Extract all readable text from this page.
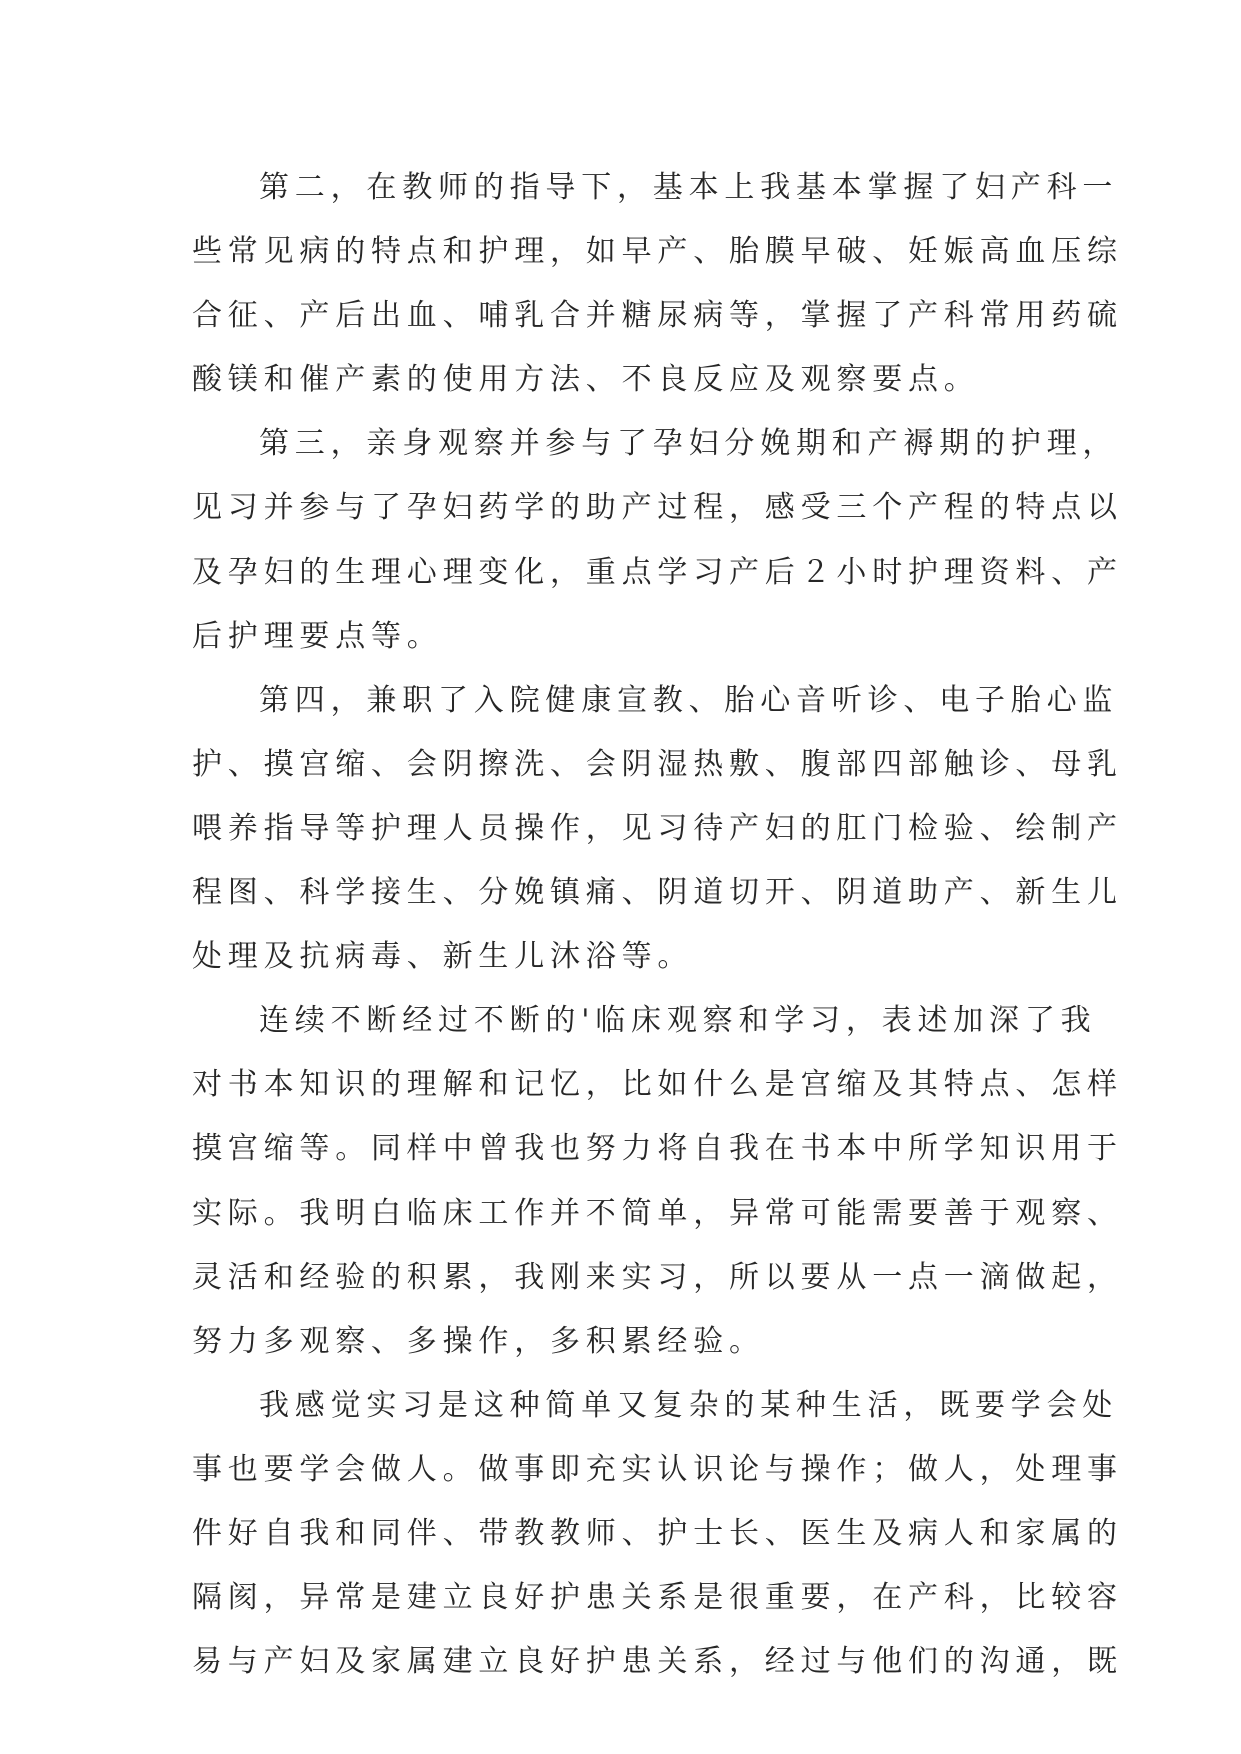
第二，在教师的指导下，基本上我基本掌握了妇产科一
些常见病的特点和护理，如早产、胎膜早破、妊娠高血压综
合征、产后出血、哺乳合并糖尿病等，掌握了产科常用药硫
酸镁和催产素的使用方法、不良反应及观察要点。
第三，亲身观察并参与了孕妇分娩期和产褥期的护理，
见习并参与了孕妇药学的助产过程，感受三个产程的特点以
及孕妇的生理心理变化，重点学习产后２小时护理资料、产
后护理要点等。
第四，兼职了入院健康宣教、胎心音听诊、电子胎心监
护、摸宫缩、会阴擦洗、会阴湿热敷、腹部四部触诊、母乳
喂养指导等护理人员操作，见习待产妇的肛门检验、绘制产
程图、科学接生、分娩镇痛、阴道切开、阴道助产、新生儿
处理及抗病毒、新生儿沐浴等。
连续不断经过不断的'临床观察和学习，表述加深了我
对书本知识的理解和记忆，比如什么是宫缩及其特点、怎样
摸宫缩等。同样中曾我也努力将自我在书本中所学知识用于
实际。我明白临床工作并不简单，异常可能需要善于观察、
灵活和经验的积累，我刚来实习，所以要从一点一滴做起，
努力多观察、多操作，多积累经验。
我感觉实习是这种简单又复杂的某种生活，既要学会处
事也要学会做人。做事即充实认识论与操作；做人，处理事
件好自我和同伴、带教教师、护士长、医生及病人和家属的
隔阂，异常是建立良好护患关系是很重要，在产科，比较容
易与产妇及家属建立良好护患关系，经过与他们的沟通，既
